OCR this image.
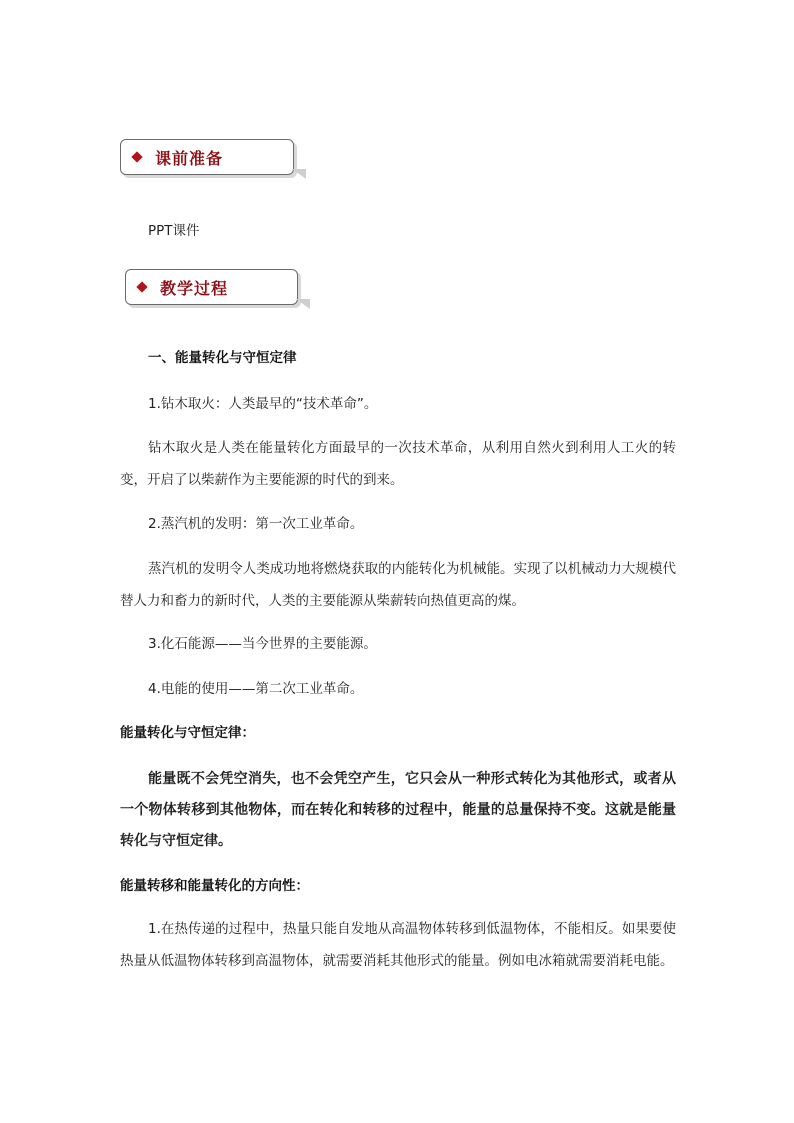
课前准备
PPT课件
教学过程
一、能量转化与守恒定律
1.钻木取火：人类最早的“技术革命”。
钻木取火是人类在能量转化方面最早的一次技术革命，从利用自然火到利用人工火的转变，开启了以柴薪作为主要能源的时代的到来。
2.蒸汽机的发明：第一次工业革命。
蒸汽机的发明令人类成功地将燃烧获取的内能转化为机械能。实现了以机械动力大规模代替人力和畜力的新时代，人类的主要能源从柴薪转向热值更高的煤。
3.化石能源——当今世界的主要能源。
4.电能的使用——第二次工业革命。
能量转化与守恒定律：
能量既不会凭空消失，也不会凭空产生，它只会从一种形式转化为其他形式，或者从一个物体转移到其他物体，而在转化和转移的过程中，能量的总量保持不变。这就是能量转化与守恒定律。
能量转移和能量转化的方向性：
1.在热传递的过程中，热量只能自发地从高温物体转移到低温物体，不能相反。如果要使热量从低温物体转移到高温物体，就需要消耗其他形式的能量。例如电冰箱就需要消耗电能。
